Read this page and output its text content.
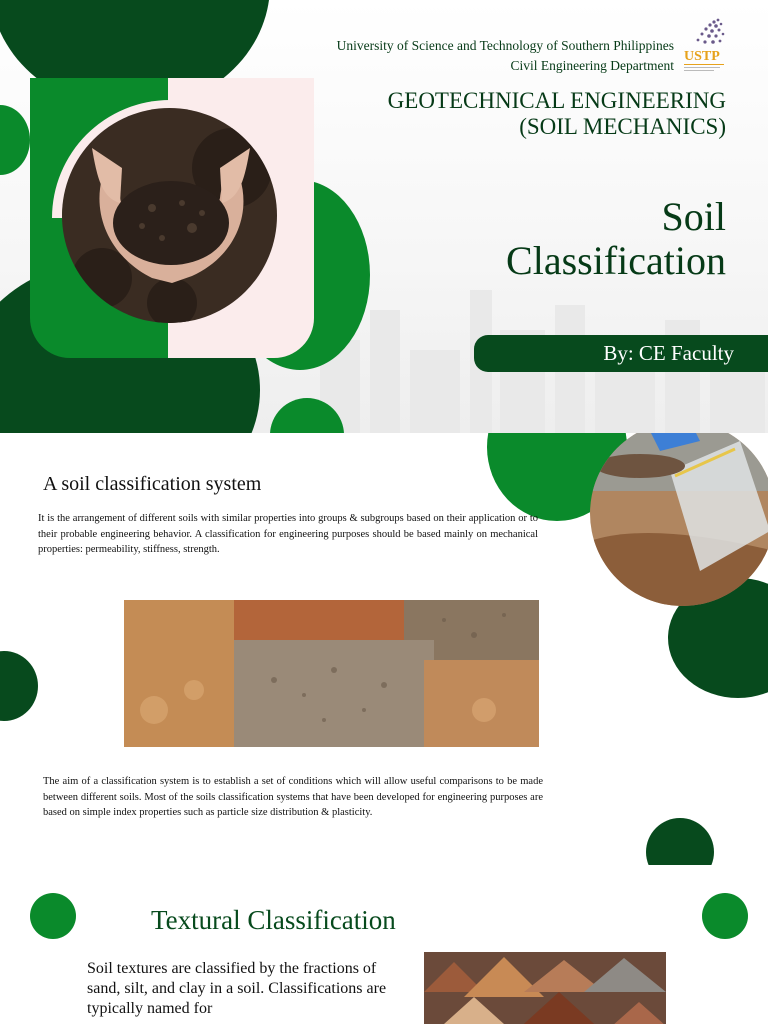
University of Science and Technology of Southern Philippines
Civil Engineering Department
USTP
GEOTECHNICAL ENGINEERING
(SOIL MECHANICS)
Soil
Classification
By: CE Faculty
A soil classification system
It is the arrangement of different soils with similar properties into groups & subgroups based on their application or to their probable engineering behavior. A classification for engineering purposes should be based mainly on mechanical properties: permeability, stiffness, strength.
The aim of a classification system is to establish a set of conditions which will allow useful comparisons to be made between different soils. Most of the soils classification systems that have been developed for engineering purposes are based on simple index properties such as particle size distribution & plasticity.
Textural Classification
Soil textures are classified by the fractions of sand, silt, and clay in a soil. Classifications are typically named for
